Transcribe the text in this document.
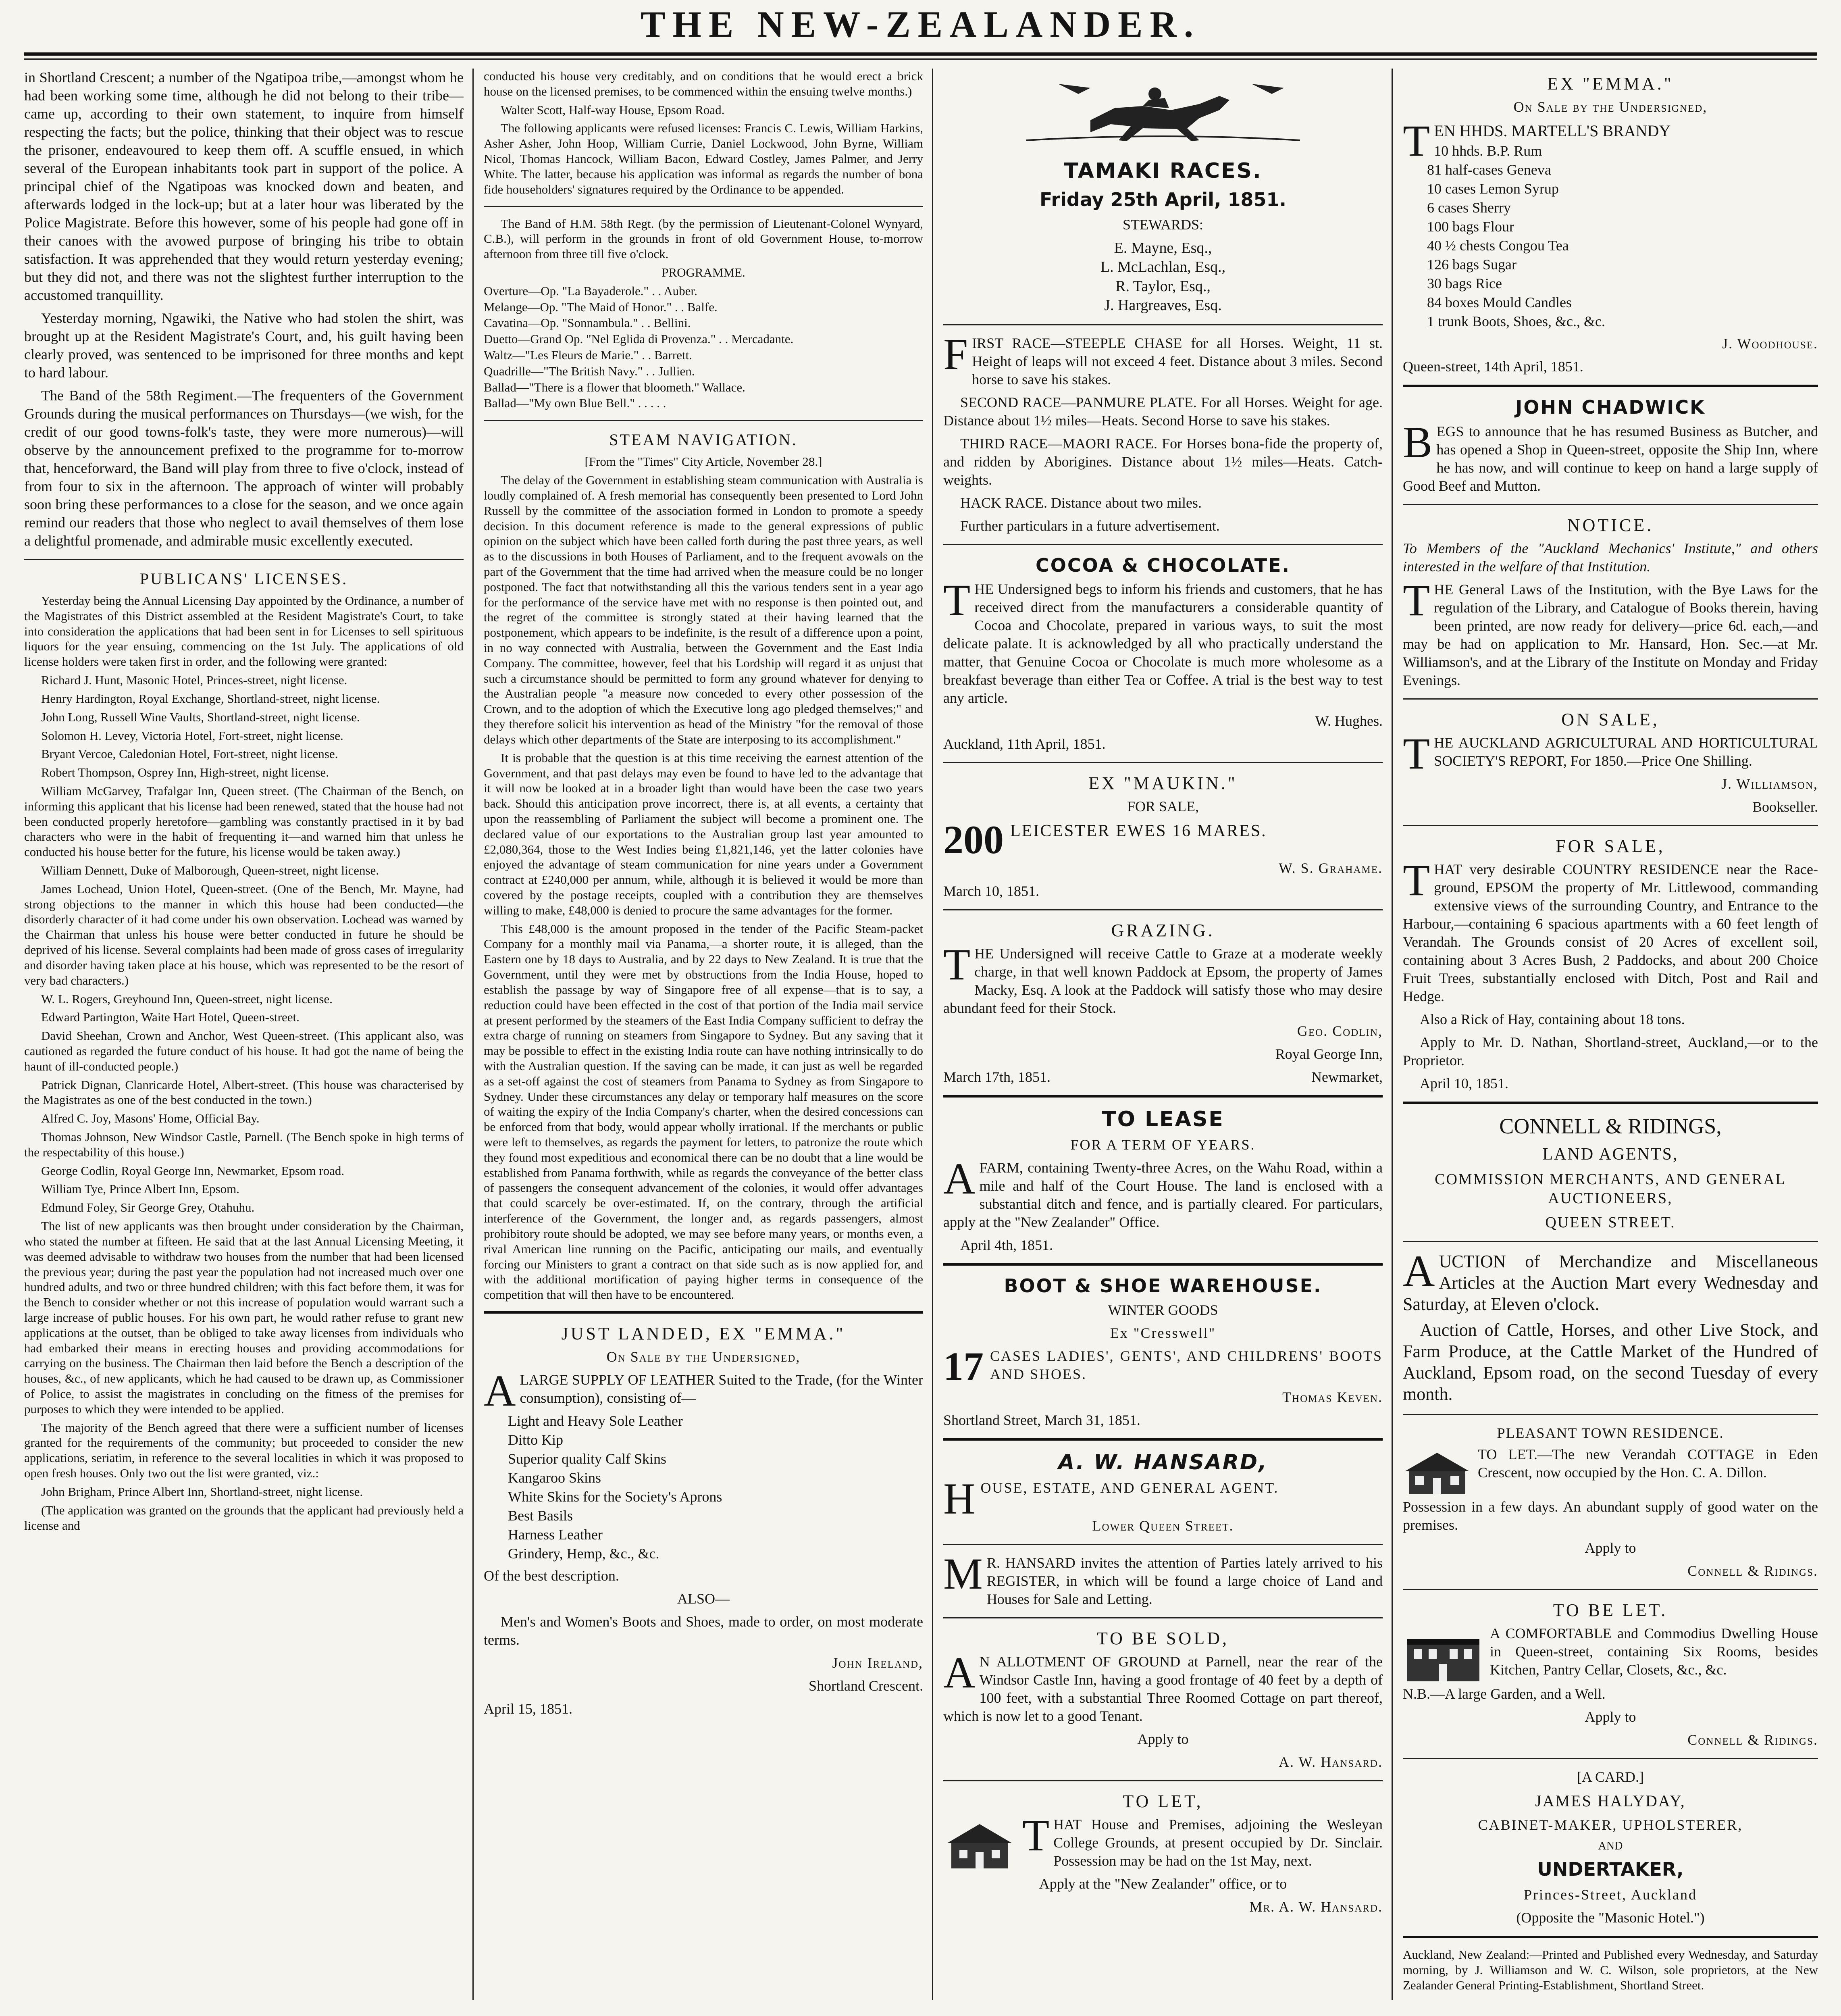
THE NEW-ZEALANDER.

in Shortland Crescent; a number of the Ngatipoa tribe,—amongst whom he had been working some time, although he did not belong to their tribe—came up, according to their own statement, to inquire from himself respecting the facts; but the police, thinking that their object was to rescue the prisoner, endeavoured to keep them off. A scuffle ensued, in which several of the European inhabitants took part in support of the police. A principal chief of the Ngatipoas was knocked down and beaten, and afterwards lodged in the lock-up; but at a later hour was liberated by the Police Magistrate. Before this however, some of his people had gone off in their canoes with the avowed purpose of bringing his tribe to obtain satisfaction. It was apprehended that they would return yesterday evening; but they did not, and there was not the slightest further interruption to the accustomed tranquillity.

Yesterday morning, Ngawiki, the Native who had stolen the shirt, was brought up at the Resident Magistrate's Court, and, his guilt having been clearly proved, was sentenced to be imprisoned for three months and kept to hard labour.

The Band of the 58th Regiment.—The frequenters of the Government Grounds during the musical performances on Thursdays—(we wish, for the credit of our good towns-folk's taste, they were more numerous)—will observe by the announcement prefixed to the programme for to-morrow that, henceforward, the Band will play from three to five o'clock, instead of from four to six in the afternoon. The approach of winter will probably soon bring these performances to a close for the season, and we once again remind our readers that those who neglect to avail themselves of them lose a delightful promenade, and admirable music excellently executed.

PUBLICANS' LICENSES.

Yesterday being the Annual Licensing Day appointed by the Ordinance, a number of the Magistrates of this District assembled at the Resident Magistrate's Court, to take into consideration the applications that had been sent in for Licenses to sell spirituous liquors for the year ensuing, commencing on the 1st July. The applications of old license holders were taken first in order, and the following were granted:

Richard J. Hunt, Masonic Hotel, Princes-street, night license.

Henry Hardington, Royal Exchange, Shortland-street, night license.

John Long, Russell Wine Vaults, Shortland-street, night license.

Solomon H. Levey, Victoria Hotel, Fort-street, night license.

Bryant Vercoe, Caledonian Hotel, Fort-street, night license.

Robert Thompson, Osprey Inn, High-street, night license.

William McGarvey, Trafalgar Inn, Queen street. (The Chairman of the Bench, on informing this applicant that his license had been renewed, stated that the house had not been conducted properly heretofore—gambling was constantly practised in it by bad characters who were in the habit of frequenting it—and warned him that unless he conducted his house better for the future, his license would be taken away.)

William Dennett, Duke of Malborough, Queen-street, night license.

James Lochead, Union Hotel, Queen-street. (One of the Bench, Mr. Mayne, had strong objections to the manner in which this house had been conducted—the disorderly character of it had come under his own observation. Lochead was warned by the Chairman that unless his house were better conducted in future he should be deprived of his license. Several complaints had been made of gross cases of irregularity and disorder having taken place at his house, which was represented to be the resort of very bad characters.)

W. L. Rogers, Greyhound Inn, Queen-street, night license.

Edward Partington, Waite Hart Hotel, Queen-street.

David Sheehan, Crown and Anchor, West Queen-street. (This applicant also, was cautioned as regarded the future conduct of his house. It had got the name of being the haunt of ill-conducted people.)

Patrick Dignan, Clanricarde Hotel, Albert-street. (This house was characterised by the Magistrates as one of the best conducted in the town.)

Alfred C. Joy, Masons' Home, Official Bay.

Thomas Johnson, New Windsor Castle, Parnell. (The Bench spoke in high terms of the respectability of this house.)

George Codlin, Royal George Inn, Newmarket, Epsom road.

William Tye, Prince Albert Inn, Epsom.

Edmund Foley, Sir George Grey, Otahuhu.

The list of new applicants was then brought under consideration by the Chairman, who stated the number at fifteen. He said that at the last Annual Licensing Meeting, it was deemed advisable to withdraw two houses from the number that had been licensed the previous year; during the past year the population had not increased much over one hundred adults, and two or three hundred children; with this fact before them, it was for the Bench to consider whether or not this increase of population would warrant such a large increase of public houses. For his own part, he would rather refuse to grant new applications at the outset, than be obliged to take away licenses from individuals who had embarked their means in erecting houses and providing accommodations for carrying on the business. The Chairman then laid before the Bench a description of the houses, &c., of new applicants, which he had caused to be drawn up, as Commissioner of Police, to assist the magistrates in concluding on the fitness of the premises for purposes to which they were intended to be applied.

The majority of the Bench agreed that there were a sufficient number of licenses granted for the requirements of the community; but proceeded to consider the new applications, seriatim, in reference to the several localities in which it was proposed to open fresh houses. Only two out the list were granted, viz.:

John Brigham, Prince Albert Inn, Shortland-street, night license.

(The application was granted on the grounds that the applicant had previously held a license and

conducted his house very creditably, and on conditions that he would erect a brick house on the licensed premises, to be commenced within the ensuing twelve months.)

Walter Scott, Half-way House, Epsom Road.

The following applicants were refused licenses: Francis C. Lewis, William Harkins, Asher Asher, John Hoop, William Currie, Daniel Lockwood, John Byrne, William Nicol, Thomas Hancock, William Bacon, Edward Costley, James Palmer, and Jerry White. The latter, because his application was informal as regards the number of bona fide householders' signatures required by the Ordinance to be appended.

The Band of H.M. 58th Regt. (by the permission of Lieutenant-Colonel Wynyard, C.B.), will perform in the grounds in front of old Government House, to-morrow afternoon from three till five o'clock.

PROGRAMME.

Overture—Op. "La Bayaderole." . . Auber.
Melange—Op. "The Maid of Honor." . . Balfe.
Cavatina—Op. "Sonnambula." . . Bellini.
Duetto—Grand Op. "Nel Eglida di Provenza." . . Mercadante.
Waltz—"Les Fleurs de Marie." . . Barrett.
Quadrille—"The British Navy." . . Jullien.
Ballad—"There is a flower that bloometh." Wallace.
Ballad—"My own Blue Bell." . . . . .
STEAM NAVIGATION.

[From the "Times" City Article, November 28.]

The delay of the Government in establishing steam communication with Australia is loudly complained of. A fresh memorial has consequently been presented to Lord John Russell by the committee of the association formed in London to promote a speedy decision. In this document reference is made to the general expressions of public opinion on the subject which have been called forth during the past three years, as well as to the discussions in both Houses of Parliament, and to the frequent avowals on the part of the Government that the time had arrived when the measure could be no longer postponed. The fact that notwithstanding all this the various tenders sent in a year ago for the performance of the service have met with no response is then pointed out, and the regret of the committee is strongly stated at their having learned that the postponement, which appears to be indefinite, is the result of a difference upon a point, in no way connected with Australia, between the Government and the East India Company. The committee, however, feel that his Lordship will regard it as unjust that such a circumstance should be permitted to form any ground whatever for denying to the Australian people "a measure now conceded to every other possession of the Crown, and to the adoption of which the Executive long ago pledged themselves;" and they therefore solicit his intervention as head of the Ministry "for the removal of those delays which other departments of the State are interposing to its accomplishment."

It is probable that the question is at this time receiving the earnest attention of the Government, and that past delays may even be found to have led to the advantage that it will now be looked at in a broader light than would have been the case two years back. Should this anticipation prove incorrect, there is, at all events, a certainty that upon the reassembling of Parliament the subject will become a prominent one. The declared value of our exportations to the Australian group last year amounted to £2,080,364, those to the West Indies being £1,821,146, yet the latter colonies have enjoyed the advantage of steam communication for nine years under a Government contract at £240,000 per annum, while, although it is believed it would be more than covered by the postage receipts, coupled with a contribution they are themselves willing to make, £48,000 is denied to procure the same advantages for the former.

This £48,000 is the amount proposed in the tender of the Pacific Steam-packet Company for a monthly mail via Panama,—a shorter route, it is alleged, than the Eastern one by 18 days to Australia, and by 22 days to New Zealand. It is true that the Government, until they were met by obstructions from the India House, hoped to establish the passage by way of Singapore free of all expense—that is to say, a reduction could have been effected in the cost of that portion of the India mail service at present performed by the steamers of the East India Company sufficient to defray the extra charge of running on steamers from Singapore to Sydney. But any saving that it may be possible to effect in the existing India route can have nothing intrinsically to do with the Australian question. If the saving can be made, it can just as well be regarded as a set-off against the cost of steamers from Panama to Sydney as from Singapore to Sydney. Under these circumstances any delay or temporary half measures on the score of waiting the expiry of the India Company's charter, when the desired concessions can be enforced from that body, would appear wholly irrational. If the merchants or public were left to themselves, as regards the payment for letters, to patronize the route which they found most expeditious and economical there can be no doubt that a line would be established from Panama forthwith, while as regards the conveyance of the better class of passengers the consequent advancement of the colonies, it would offer advantages that could scarcely be over-estimated. If, on the contrary, through the artificial interference of the Government, the longer and, as regards passengers, almost prohibitory route should be adopted, we may see before many years, or months even, a rival American line running on the Pacific, anticipating our mails, and eventually forcing our Ministers to grant a contract on that side such as is now applied for, and with the additional mortification of paying higher terms in consequence of the competition that will then have to be encountered.

JUST LANDED, EX "EMMA."

On Sale by the Undersigned,

ALARGE SUPPLY OF LEATHER Suited to the Trade, (for the Winter consumption), consisting of—

Light and Heavy Sole Leather
Ditto Kip
Superior quality Calf Skins
Kangaroo Skins
White Skins for the Society's Aprons
Best Basils
Harness Leather
Grindery, Hemp, &c., &c.

Of the best description.

ALSO—

Men's and Women's Boots and Shoes, made to order, on most moderate terms.

John Ireland,

Shortland Crescent.

April 15, 1851.

TAMAKI RACES.

Friday 25th April, 1851.

STEWARDS:

E. Mayne, Esq.,
L. McLachlan, Esq.,
R. Taylor, Esq.,
J. Hargreaves, Esq.

FIRST RACE—STEEPLE CHASE for all Horses. Weight, 11 st. Height of leaps will not exceed 4 feet. Distance about 3 miles. Second horse to save his stakes.

SECOND RACE—PANMURE PLATE. For all Horses. Weight for age. Distance about 1½ miles—Heats. Second Horse to save his stakes.

THIRD RACE—MAORI RACE. For Horses bona-fide the property of, and ridden by Aborigines. Distance about 1½ miles—Heats. Catch-weights.

HACK RACE. Distance about two miles.

Further particulars in a future advertisement.

COCOA & CHOCOLATE.

THE Undersigned begs to inform his friends and customers, that he has received direct from the manufacturers a considerable quantity of Cocoa and Chocolate, prepared in various ways, to suit the most delicate palate. It is acknowledged by all who practically understand the matter, that Genuine Cocoa or Chocolate is much more wholesome as a breakfast beverage than either Tea or Coffee. A trial is the best way to test any article.

W. Hughes.

Auckland, 11th April, 1851.

EX "MAUKIN."

FOR SALE,

200 LEICESTER EWES 16 MARES.

W. S. Grahame.

March 10, 1851.

GRAZING.

THE Undersigned will receive Cattle to Graze at a moderate weekly charge, in that well known Paddock at Epsom, the property of James Macky, Esq. A look at the Paddock will satisfy those who may desire abundant feed for their Stock.

Geo. Codlin,

Royal George Inn,

March 17th, 1851.	Newmarket,

TO LEASE

FOR A TERM OF YEARS.

AFARM, containing Twenty-three Acres, on the Wahu Road, within a mile and half of the Court House. The land is enclosed with a substantial ditch and fence, and is partially cleared. For particulars, apply at the "New Zealander" Office.

April 4th, 1851.

BOOT & SHOE WAREHOUSE.

WINTER GOODS

Ex "Cresswell"

17 CASES LADIES', GENTS', AND CHILDRENS' BOOTS AND SHOES.

Thomas Keven.

Shortland Street, March 31, 1851.

A. W. HANSARD,

HOUSE, ESTATE, AND GENERAL AGENT.

Lower Queen Street.

MR. HANSARD invites the attention of Parties lately arrived to his REGISTER, in which will be found a large choice of Land and Houses for Sale and Letting.

TO BE SOLD,

AN ALLOTMENT OF GROUND at Parnell, near the rear of the Windsor Castle Inn, having a good frontage of 40 feet by a depth of 100 feet, with a substantial Three Roomed Cottage on part thereof, which is now let to a good Tenant.

Apply to

A. W. Hansard.

TO LET,

THAT House and Premises, adjoining the Wesleyan College Grounds, at present occupied by Dr. Sinclair. Possession may be had on the 1st May, next.

Apply at the "New Zealander" office, or to

Mr. A. W. Hansard.

EX "EMMA."

On Sale by the Undersigned,

TEN HHDS. MARTELL'S BRANDY
10 hhds. B.P. Rum
81 half-cases Geneva
10 cases Lemon Syrup
6 cases Sherry
100 bags Flour
40 ½ chests Congou Tea
126 bags Sugar
30 bags Rice
84 boxes Mould Candles
1 trunk Boots, Shoes, &c., &c.

J. Woodhouse.

Queen-street, 14th April, 1851.

JOHN CHADWICK

BEGS to announce that he has resumed Business as Butcher, and has opened a Shop in Queen-street, opposite the Ship Inn, where he has now, and will continue to keep on hand a large supply of Good Beef and Mutton.

NOTICE.

To Members of the "Auckland Mechanics' Institute," and others interested in the welfare of that Institution.

THE General Laws of the Institution, with the Bye Laws for the regulation of the Library, and Catalogue of Books therein, having been printed, are now ready for delivery—price 6d. each,—and may be had on application to Mr. Hansard, Hon. Sec.—at Mr. Williamson's, and at the Library of the Institute on Monday and Friday Evenings.

ON SALE,

THE AUCKLAND AGRICULTURAL AND HORTICULTURAL SOCIETY'S REPORT, For 1850.—Price One Shilling.

J. Williamson,

Bookseller.

FOR SALE,

THAT very desirable COUNTRY RESIDENCE near the Race-ground, EPSOM the property of Mr. Littlewood, commanding extensive views of the surrounding Country, and Entrance to the Harbour,—containing 6 spacious apartments with a 60 feet length of Verandah. The Grounds consist of 20 Acres of excellent soil, containing about 3 Acres Bush, 2 Paddocks, and about 200 Choice Fruit Trees, substantially enclosed with Ditch, Post and Rail and Hedge.

Also a Rick of Hay, containing about 18 tons.

Apply to Mr. D. Nathan, Shortland-street, Auckland,—or to the Proprietor.

April 10, 1851.

CONNELL & RIDINGS,

LAND AGENTS,

COMMISSION MERCHANTS, AND GENERAL AUCTIONEERS,

QUEEN STREET.

AUCTION of Merchandize and Miscellaneous Articles at the Auction Mart every Wednesday and Saturday, at Eleven o'clock.

Auction of Cattle, Horses, and other Live Stock, and Farm Produce, at the Cattle Market of the Hundred of Auckland, Epsom road, on the second Tuesday of every month.

PLEASANT TOWN RESIDENCE.

TO LET.—The new Verandah COTTAGE in Eden Crescent, now occupied by the Hon. C. A. Dillon.

Possession in a few days. An abundant supply of good water on the premises.

Apply to

Connell & Ridings.

TO BE LET.

A COMFORTABLE and Commodius Dwelling House in Queen-street, containing Six Rooms, besides Kitchen, Pantry Cellar, Closets, &c., &c.

N.B.—A large Garden, and a Well.

Apply to

Connell & Ridings.

[A CARD.]

JAMES HALYDAY,

CABINET-MAKER, UPHOLSTERER,

AND

UNDERTAKER,

Princes-Street, Auckland

(Opposite the "Masonic Hotel.")

Auckland, New Zealand:—Printed and Published every Wednesday, and Saturday morning, by J. Williamson and W. C. Wilson, sole proprietors, at the New Zealander General Printing-Establishment, Shortland Street.
